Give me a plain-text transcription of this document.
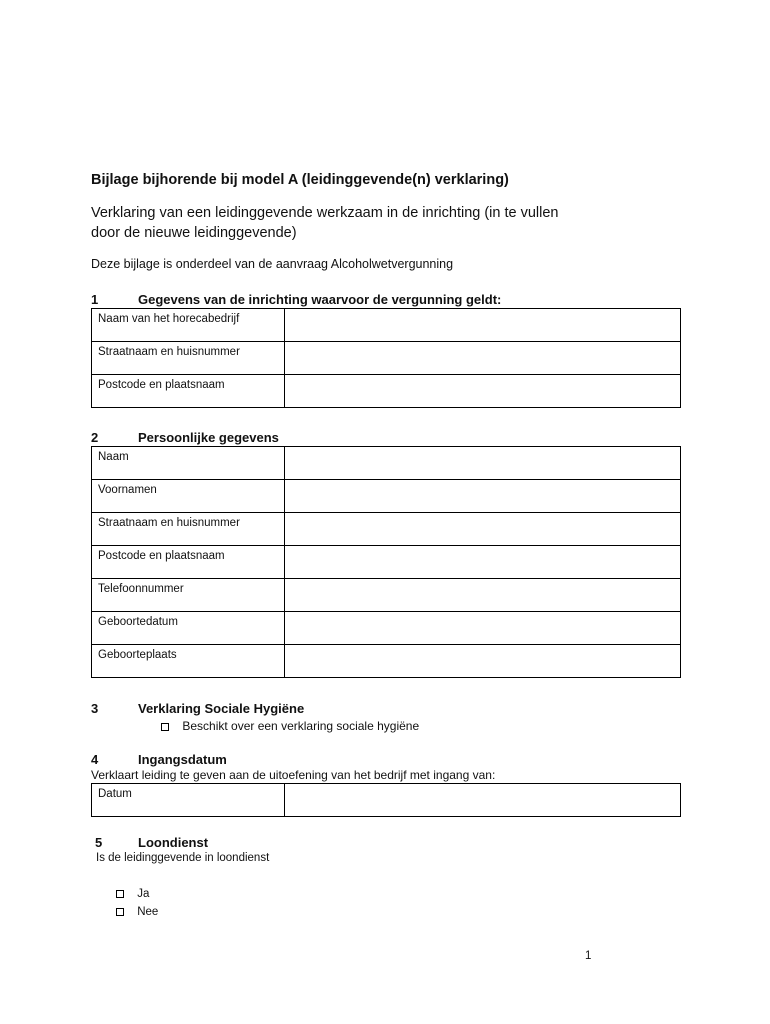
Bijlage bijhorende bij model A (leidinggevende(n) verklaring)
Verklaring van een leidinggevende werkzaam in de inrichting (in te vullen door de nieuwe leidinggevende)
Deze bijlage is onderdeel van de aanvraag Alcoholwetvergunning
1	Gegevens van de inrichting waarvoor de vergunning geldt:
Naam van het horecabedrijf	
Straatnaam en huisnummer	
Postcode en plaatsnaam	
2	Persoonlijke gegevens
Naam	
Voornamen	
Straatnaam en huisnummer	
Postcode en plaatsnaam	
Telefoonnummer	
Geboortedatum	
Geboorteplaats	
3	Verklaring Sociale Hygiëne
Beschikt over een verklaring sociale hygiëne
4	Ingangsdatum
Verklaart leiding te geven aan de uitoefening van het bedrijf met ingang van:
Datum	
5	Loondienst
Is de leidinggevende in loondienst
Ja
Nee
1
